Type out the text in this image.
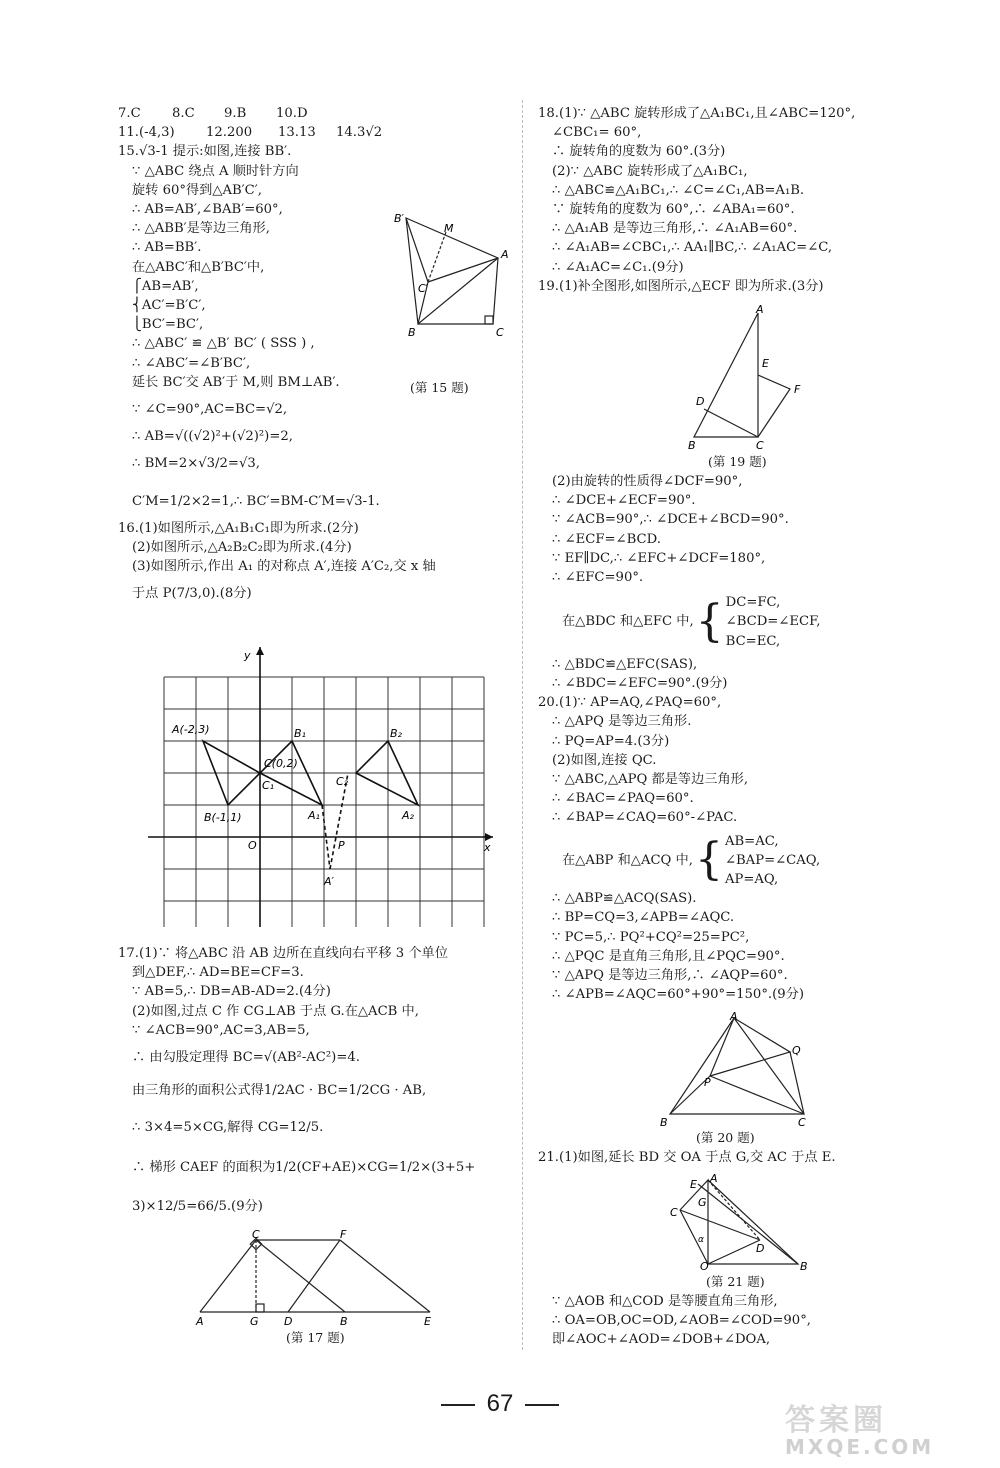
7.C 8.C 9.B 10.D
11.(-4,3) 12.200 13.13 14.3√2
15.√3-1 提示:如图,连接 BB′.
∵ △ABC 绕点 A 顺时针方向
旋转 60°得到△AB′C′,
∴ AB=AB′,∠BAB′=60°,
∴ △ABB′是等边三角形,
∴ AB=BB′.
在△ABC′和△B′BC′中,
⎧AB=AB′,
⎨AC′=B′C′,
⎩BC′=BC′,
∴ △ABC′ ≌ △B′ BC′ ( SSS ) ,
∴ ∠ABC′=∠B′BC′,
延长 BC′交 AB′于 M,则 BM⊥AB′.
∵ ∠C=90°,AC=BC=√2,
∴ AB=√((√2)²+(√2)²)=2,
∴ BM=2×√3/2=√3,
C′M=1/2×2=1,∴ BC′=BM-C′M=√3-1.
16.(1)如图所示,△A₁B₁C₁即为所求.(2分)
(2)如图所示,△A₂B₂C₂即为所求.(4分)
(3)如图所示,作出 A₁ 的对称点 A′,连接 A′C₂,交 x 轴
于点 P(7/3,0).(8分)
B′
M
A
C′
B	C
(第 15 题)
A(-2,3)	B₁
C(0,2)
C₁	C₂
B₂
B(-1,1)	A₁	A₂
O	P
A′
x
y
17.(1)∵ 将△ABC 沿 AB 边所在直线向右平移 3 个单位
到△DEF,∴ AD=BE=CF=3.
∵ AB=5,∴ DB=AB-AD=2.(4分)
(2)如图,过点 C 作 CG⊥AB 于点 G.在△ACB 中,
∵ ∠ACB=90°,AC=3,AB=5,
∴ 由勾股定理得 BC=√(AB²-AC²)=4.
由三角形的面积公式得1/2AC · BC=1/2CG · AB,
∴ 3×4=5×CG,解得 CG=12/5.
∴ 梯形 CAEF 的面积为1/2(CF+AE)×CG=1/2×(3+5+
3)×12/5=66/5.(9分)
C	F
A	G D	B	E
(第 17 题)
18.(1)∵ △ABC 旋转形成了△A₁BC₁,且∠ABC=120°,
∠CBC₁= 60°,
∴ 旋转角的度数为 60°.(3分)
(2)∵ △ABC 旋转形成了△A₁BC₁,
∴ △ABC≌△A₁BC₁,∴ ∠C=∠C₁,AB=A₁B.
∵ 旋转角的度数为 60°,∴ ∠ABA₁=60°.
∴ △A₁AB 是等边三角形,∴ ∠A₁AB=60°.
∴ ∠A₁AB=∠CBC₁,∴ AA₁∥BC,∴ ∠A₁AC=∠C,
∴ ∠A₁AC=∠C₁.(9分)
19.(1)补全图形,如图所示,△ECF 即为所求.(3分)
A
E
F
D
B	C
(第 19 题)
(2)由旋转的性质得∠DCF=90°,
∴ ∠DCE+∠ECF=90°.
∵ ∠ACB=90°,∴ ∠DCE+∠BCD=90°.
∴ ∠ECF=∠BCD.
∵ EF∥DC,∴ ∠EFC+∠DCF=180°,
∴ ∠EFC=90°.
在△BDC 和△EFC 中, { DC=FC,
∠BCD=∠ECF,
BC=EC,
∴ △BDC≌△EFC(SAS),
∴ ∠BDC=∠EFC=90°.(9分)
20.(1)∵ AP=AQ,∠PAQ=60°,
∴ △APQ 是等边三角形.
∴ PQ=AP=4.(3分)
(2)如图,连接 QC.
∵ △ABC,△APQ 都是等边三角形,
∴ ∠BAC=∠PAQ=60°.
∴ ∠BAP=∠CAQ=60°-∠PAC.
在△ABP 和△ACQ 中, { AB=AC,
∠BAP=∠CAQ,
AP=AQ,
∴ △ABP≌△ACQ(SAS).
∴ BP=CQ=3,∠APB=∠AQC.
∵ PC=5,∴ PQ²+CQ²=25=PC²,
∴ △PQC 是直角三角形,且∠PQC=90°.
∵ △APQ 是等边三角形,∴ ∠AQP=60°.
∴ ∠APB=∠AQC=60°+90°=150°.(9分)
A
Q
P
B	C
(第 20 题)
21.(1)如图,延长 BD 交 OA 于点 G,交 AC 于点 E.
E A
G
C
D
O	B
α
(第 21 题)
∵ △AOB 和△COD 是等腰直角三角形,
∴ OA=OB,OC=OD,∠AOB=∠COD=90°,
即∠AOC+∠AOD=∠DOB+∠DOA,
67	答案圈
MXQE.COM
